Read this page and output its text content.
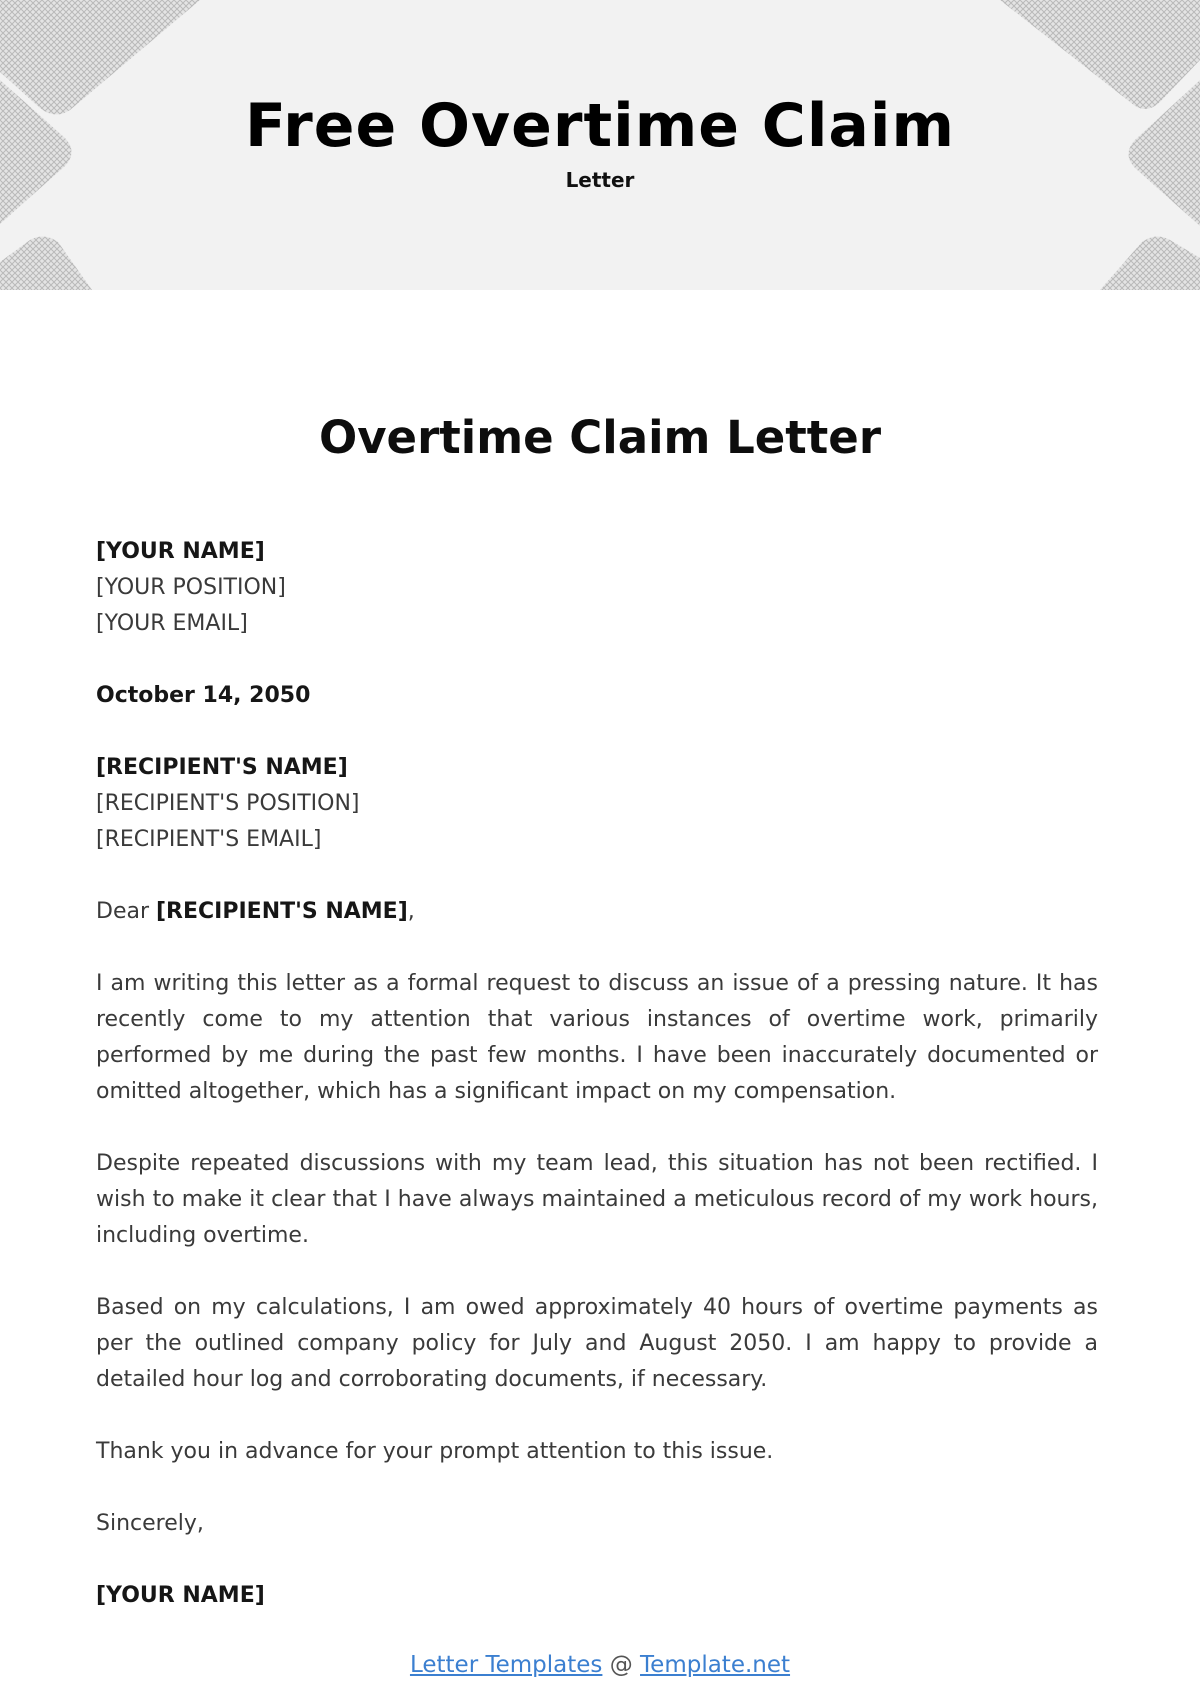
Free Overtime Claim
Letter
Overtime Claim Letter

[YOUR NAME]

[YOUR POSITION]

[YOUR EMAIL]

October 14, 2050

[RECIPIENT'S NAME]

[RECIPIENT'S POSITION]

[RECIPIENT'S EMAIL]

Dear [RECIPIENT'S NAME],

I am writing this letter as a formal request to discuss an issue of a pressing nature. It has recently come to my attention that various instances of overtime work, primarily performed by me during the past few months. I have been inaccurately documented or omitted altogether, which has a significant impact on my compensation.

Despite repeated discussions with my team lead, this situation has not been rectified. I wish to make it clear that I have always maintained a meticulous record of my work hours, including overtime.

Based on my calculations, I am owed approximately 40 hours of overtime payments as per the outlined company policy for July and August 2050. I am happy to provide a detailed hour log and corroborating documents, if necessary.

Thank you in advance for your prompt attention to this issue.

Sincerely,

[YOUR NAME]

Letter Templates @ Template.net
